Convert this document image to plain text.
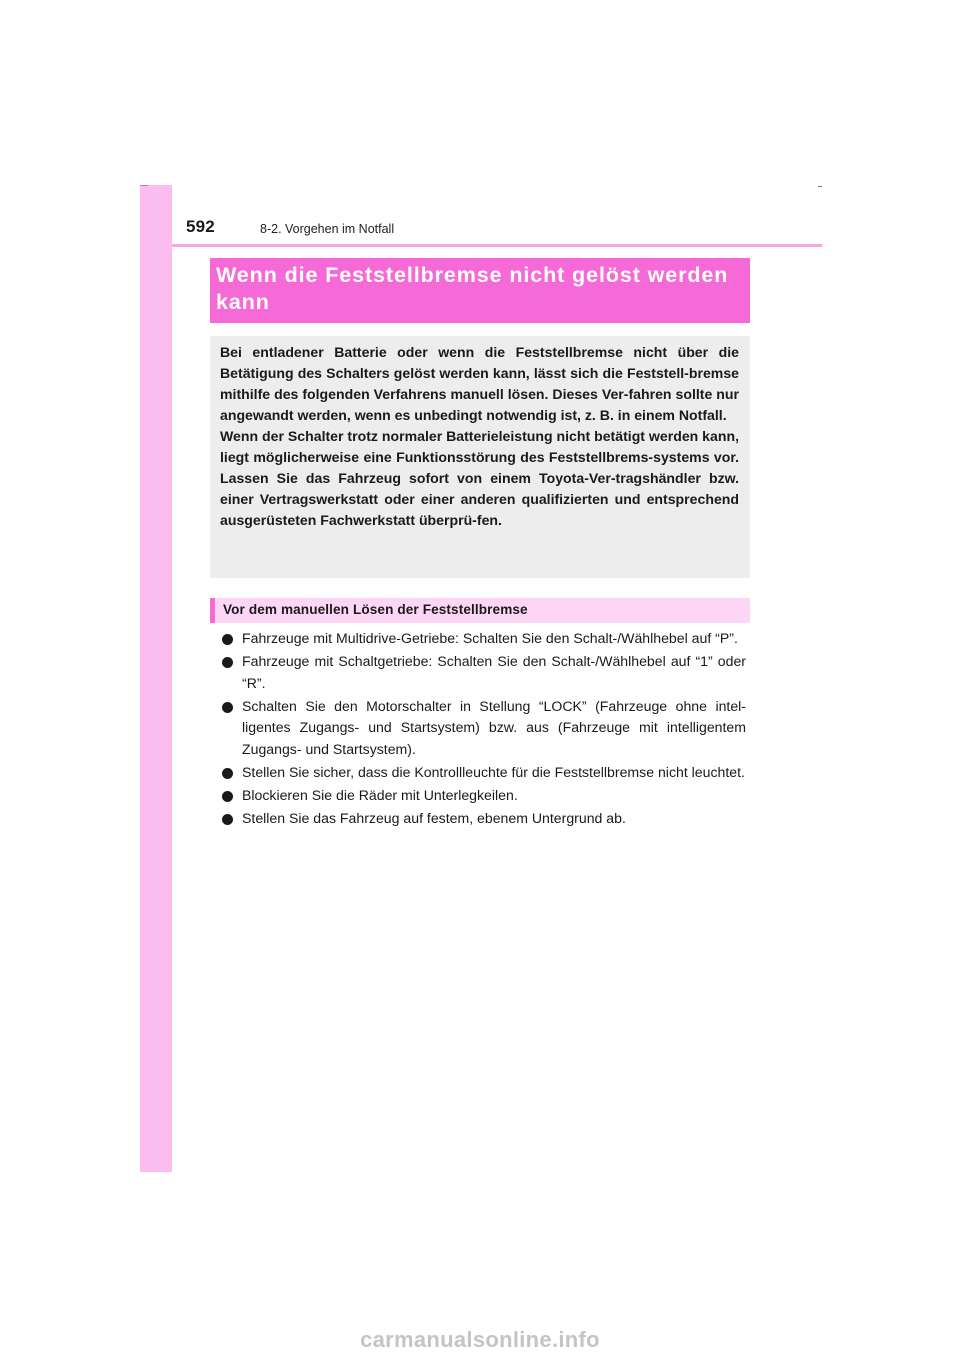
592	8-2. Vorgehen im Notfall
Wenn die Feststellbremse nicht gelöst werden kann

Bei entladener Batterie oder wenn die Feststellbremse nicht über die Betätigung des Schalters gelöst werden kann, lässt sich die Feststell-bremse mithilfe des folgenden Verfahrens manuell lösen. Dieses Ver-fahren sollte nur angewandt werden, wenn es unbedingt notwendig ist, z. B. in einem Notfall.

Wenn der Schalter trotz normaler Batterieleistung nicht betätigt werden kann, liegt möglicherweise eine Funktionsstörung des Feststellbrems-systems vor. Lassen Sie das Fahrzeug sofort von einem Toyota-Ver-tragshändler bzw. einer Vertragswerkstatt oder einer anderen qualifizierten und entsprechend ausgerüsteten Fachwerkstatt überprü-fen.

Vor dem manuellen Lösen der Feststellbremse
Fahrzeuge mit Multidrive-Getriebe: Schalten Sie den Schalt-/Wählhebel auf “P”.
Fahrzeuge mit Schaltgetriebe: Schalten Sie den Schalt-/Wählhebel auf “1” oder “R”.
Schalten Sie den Motorschalter in Stellung “LOCK” (Fahrzeuge ohne intel-ligentes Zugangs- und Startsystem) bzw. aus (Fahrzeuge mit intelligentem Zugangs- und Startsystem).
Stellen Sie sicher, dass die Kontrollleuchte für die Feststellbremse nicht leuchtet.
Blockieren Sie die Räder mit Unterlegkeilen.
Stellen Sie das Fahrzeug auf festem, ebenem Untergrund ab.
carmanualsonline.info
